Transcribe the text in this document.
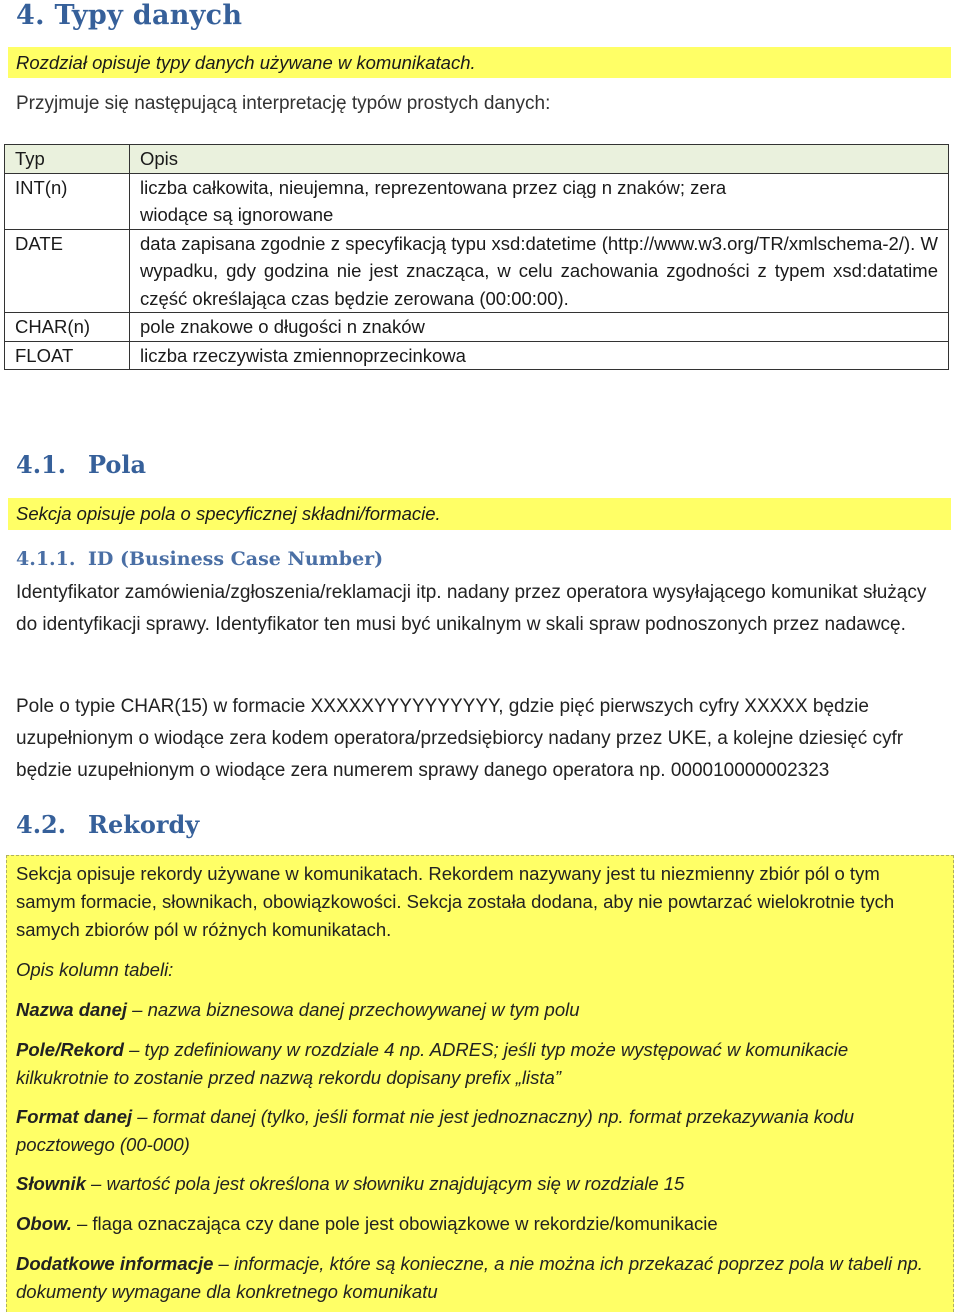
4. Typy danych
Rozdział opisuje typy danych używane w komunikatach.
Przyjmuje się następującą interpretację typów prostych danych:
Typ	Opis
INT(n)	liczba całkowita, nieujemna, reprezentowana przez ciąg n znaków; zera wiodące są ignorowane
DATE	data zapisana zgodnie z specyfikacją typu xsd:datetime (http://www.w3.org/TR/xmlschema-2/). W wypadku, gdy godzina nie jest znacząca, w celu zachowania zgodności z typem xsd:datatime część określająca czas będzie zerowana (00:00:00).
CHAR(n)	pole znakowe o długości n znaków
FLOAT	liczba rzeczywista zmiennoprzecinkowa
4.1. Pola
Sekcja opisuje pola o specyficznej składni/formacie.
4.1.1. ID (Business Case Number)
Identyfikator zamówienia/zgłoszenia/reklamacji itp. nadany przez operatora wysyłającego komunikat służący do identyfikacji sprawy. Identyfikator ten musi być unikalnym w skali spraw podnoszonych przez nadawcę.
Pole o typie CHAR(15) w formacie XXXXXYYYYYYYYYY, gdzie pięć pierwszych cyfry XXXXX będzie uzupełnionym o wiodące zera kodem operatora/przedsiębiorcy nadany przez UKE, a kolejne dziesięć cyfr będzie uzupełnionym o wiodące zera numerem sprawy danego operatora np. 000010000002323
4.2. Rekordy
Sekcja opisuje rekordy używane w komunikatach. Rekordem nazywany jest tu niezmienny zbiór pól o tym samym formacie, słownikach, obowiązkowości. Sekcja została dodana, aby nie powtarzać wielokrotnie tych samych zbiorów pól w różnych komunikatach.
Opis kolumn tabeli:
Nazwa danej – nazwa biznesowa danej przechowywanej w tym polu
Pole/Rekord – typ zdefiniowany w rozdziale 4 np. ADRES; jeśli typ może występować w komunikacie kilkukrotnie to zostanie przed nazwą rekordu dopisany prefix „lista”
Format danej – format danej (tylko, jeśli format nie jest jednoznaczny) np. format przekazywania kodu pocztowego (00-000)
Słownik – wartość pola jest określona w słowniku znajdującym się w rozdziale 15
Obow. – flaga oznaczająca czy dane pole jest obowiązkowe w rekordzie/komunikacie
Dodatkowe informacje – informacje, które są konieczne, a nie można ich przekazać poprzez pola w tabeli np. dokumenty wymagane dla konkretnego komunikatu
